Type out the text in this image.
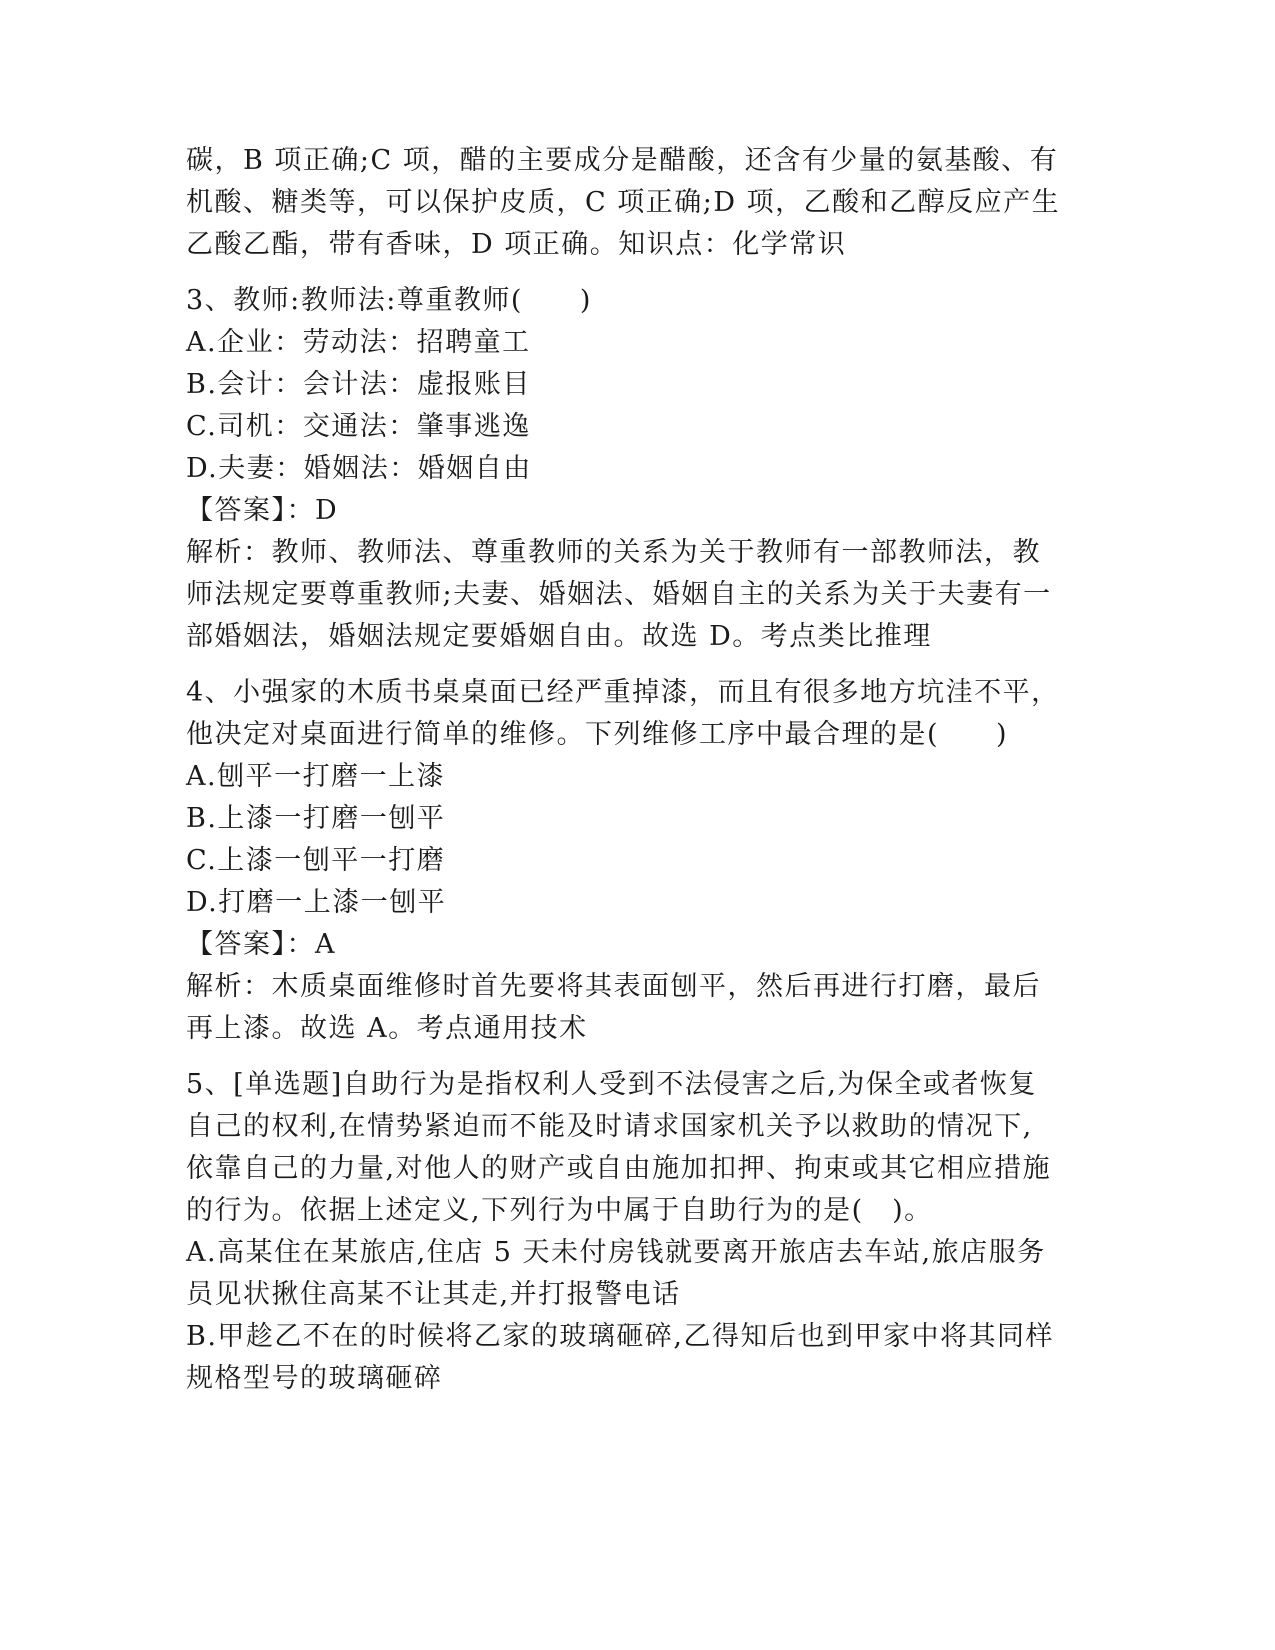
碳，B 项正确;C 项，醋的主要成分是醋酸，还含有少量的氨基酸、有
机酸、糖类等，可以保护皮质，C 项正确;D 项，乙酸和乙醇反应产生
乙酸乙酯，带有香味，D 项正确。知识点：化学常识
3、教师:教师法:尊重教师(　　)
A.企业：劳动法：招聘童工
B.会计：会计法：虚报账目
C.司机：交通法：肇事逃逸
D.夫妻：婚姻法：婚姻自由
【答案】：D
解析：教师、教师法、尊重教师的关系为关于教师有一部教师法，教
师法规定要尊重教师;夫妻、婚姻法、婚姻自主的关系为关于夫妻有一
部婚姻法，婚姻法规定要婚姻自由。故选 D。考点类比推理
4、小强家的木质书桌桌面已经严重掉漆，而且有很多地方坑洼不平，
他决定对桌面进行简单的维修。下列维修工序中最合理的是(　　)
A.刨平一打磨一上漆
B.上漆一打磨一刨平
C.上漆一刨平一打磨
D.打磨一上漆一刨平
【答案】：A
解析：木质桌面维修时首先要将其表面刨平，然后再进行打磨，最后
再上漆。故选 A。考点通用技术
5、[单选题]自助行为是指权利人受到不法侵害之后,为保全或者恢复
自己的权利,在情势紧迫而不能及时请求国家机关予以救助的情况下,
依靠自己的力量,对他人的财产或自由施加扣押、拘束或其它相应措施
的行为。依据上述定义,下列行为中属于自助行为的是(　)。
A.高某住在某旅店,住店 5 天未付房钱就要离开旅店去车站,旅店服务
员见状揪住高某不让其走,并打报警电话
B.甲趁乙不在的时候将乙家的玻璃砸碎,乙得知后也到甲家中将其同样
规格型号的玻璃砸碎
